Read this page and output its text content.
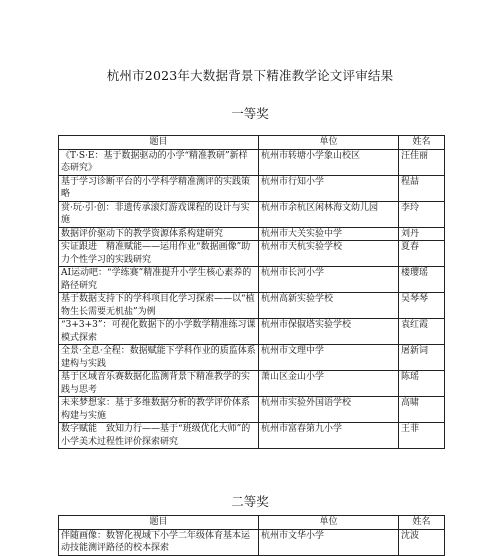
杭州市2023年大数据背景下精准教学论文评审结果
一等奖
题目	单位	姓名
《T·S·E：基于数据驱动的小学“精准教研”新样态研究》	杭州市转塘小学象山校区	汪佳丽
基于学习诊断平台的小学科学精准测评的实践策略	杭州市行知小学	程喆
赏·玩·引·创：非遗传承滚灯游戏课程的设计与实施	杭州市余杭区闲林海文幼儿园	李玲
数据评价驱动下的教学资源体系构建研究	杭州市大关实验中学	刘丹
实证跟进　精准赋能——运用作业“数据画像”助力个性学习的实践研究	杭州市天杭实验学校	夏春
AI运动吧：“学练赛”精准提升小学生核心素养的路径研究	杭州市长河小学	楼璎瑶
基于数据支持下的学科项目化学习探索——以“植物生长需要无机盐”为例	杭州高新实验学校	吴琴琴
“3+3+3”：可视化数据下的小学数学精准练习课模式探索	杭州市保俶塔实验学校	袁红霞
全景·全息·全程：数据赋能下学科作业的质监体系建构与实践	杭州市文理中学	屠新词
基于区域音乐赛数据化监测背景下精准教学的实践与思考	萧山区金山小学	陈瑶
未来梦想家：基于多维数据分析的教学评价体系构建与实施	杭州市实验外国语学校	高啸
数字赋能　致知力行——基于“班级优化大师”的小学美术过程性评价探索研究	杭州市富春第九小学	王菲
二等奖
题目	单位	姓名
伴随画像：数智化视域下小学二年级体育基本运动技能测评路径的校本探索	杭州市文华小学	沈波
